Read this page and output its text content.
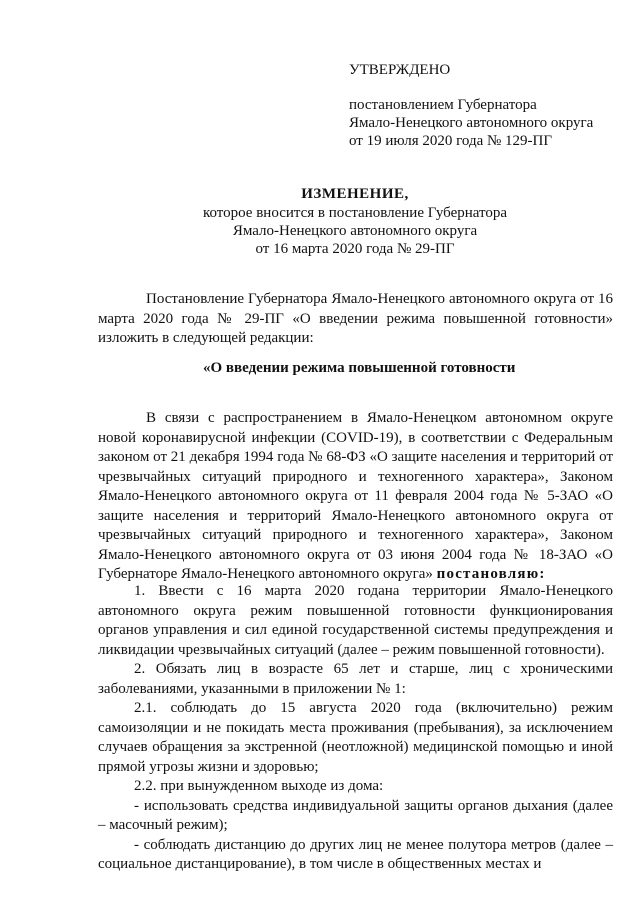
УТВЕРЖДЕНО
постановлением Губернатора
Ямало-Ненецкого автономного округа
от 19 июля 2020 года № 129-ПГ
ИЗМЕНЕНИЕ,
которое вносится в постановление Губернатора
Ямало-Ненецкого автономного округа
от 16 марта 2020 года № 29-ПГ
Постановление Губернатора Ямало-Ненецкого автономного округа от 16 марта 2020 года № 29-ПГ «О введении режима повышенной готовности» изложить в следующей редакции:
«О введении режима повышенной готовности
В связи с распространением в Ямало-Ненецком автономном округе новой коронавирусной инфекции (COVID-19), в соответствии с Федеральным законом от 21 декабря 1994 года № 68-ФЗ «О защите населения и территорий от чрезвычайных ситуаций природного и техногенного характера», Законом Ямало-Ненецкого автономного округа от 11 февраля 2004 года № 5-ЗАО «О защите населения и территорий Ямало-Ненецкого автономного округа от чрезвычайных ситуаций природного и техногенного характера», Законом Ямало-Ненецкого автономного округа от 03 июня 2004 года № 18-ЗАО «О Губернаторе Ямало-Ненецкого автономного округа» постановляю:

1. Ввести с 16 марта 2020 годана территории Ямало-Ненецкого автономного округа режим повышенной готовности функционирования органов управления и сил единой государственной системы предупреждения и ликвидации чрезвычайных ситуаций (далее – режим повышенной готовности).

2. Обязать лиц в возрасте 65 лет и старше, лиц с хроническими заболеваниями, указанными в приложении № 1:

2.1. соблюдать до 15 августа 2020 года (включительно) режим самоизоляции и не покидать места проживания (пребывания), за исключением случаев обращения за экстренной (неотложной) медицинской помощью и иной прямой угрозы жизни и здоровью;

2.2. при вынужденном выходе из дома:

- использовать средства индивидуальной защиты органов дыхания (далее – масочный режим);

- соблюдать дистанцию до других лиц не менее полутора метров (далее – социальное дистанцирование), в том числе в общественных местах и
